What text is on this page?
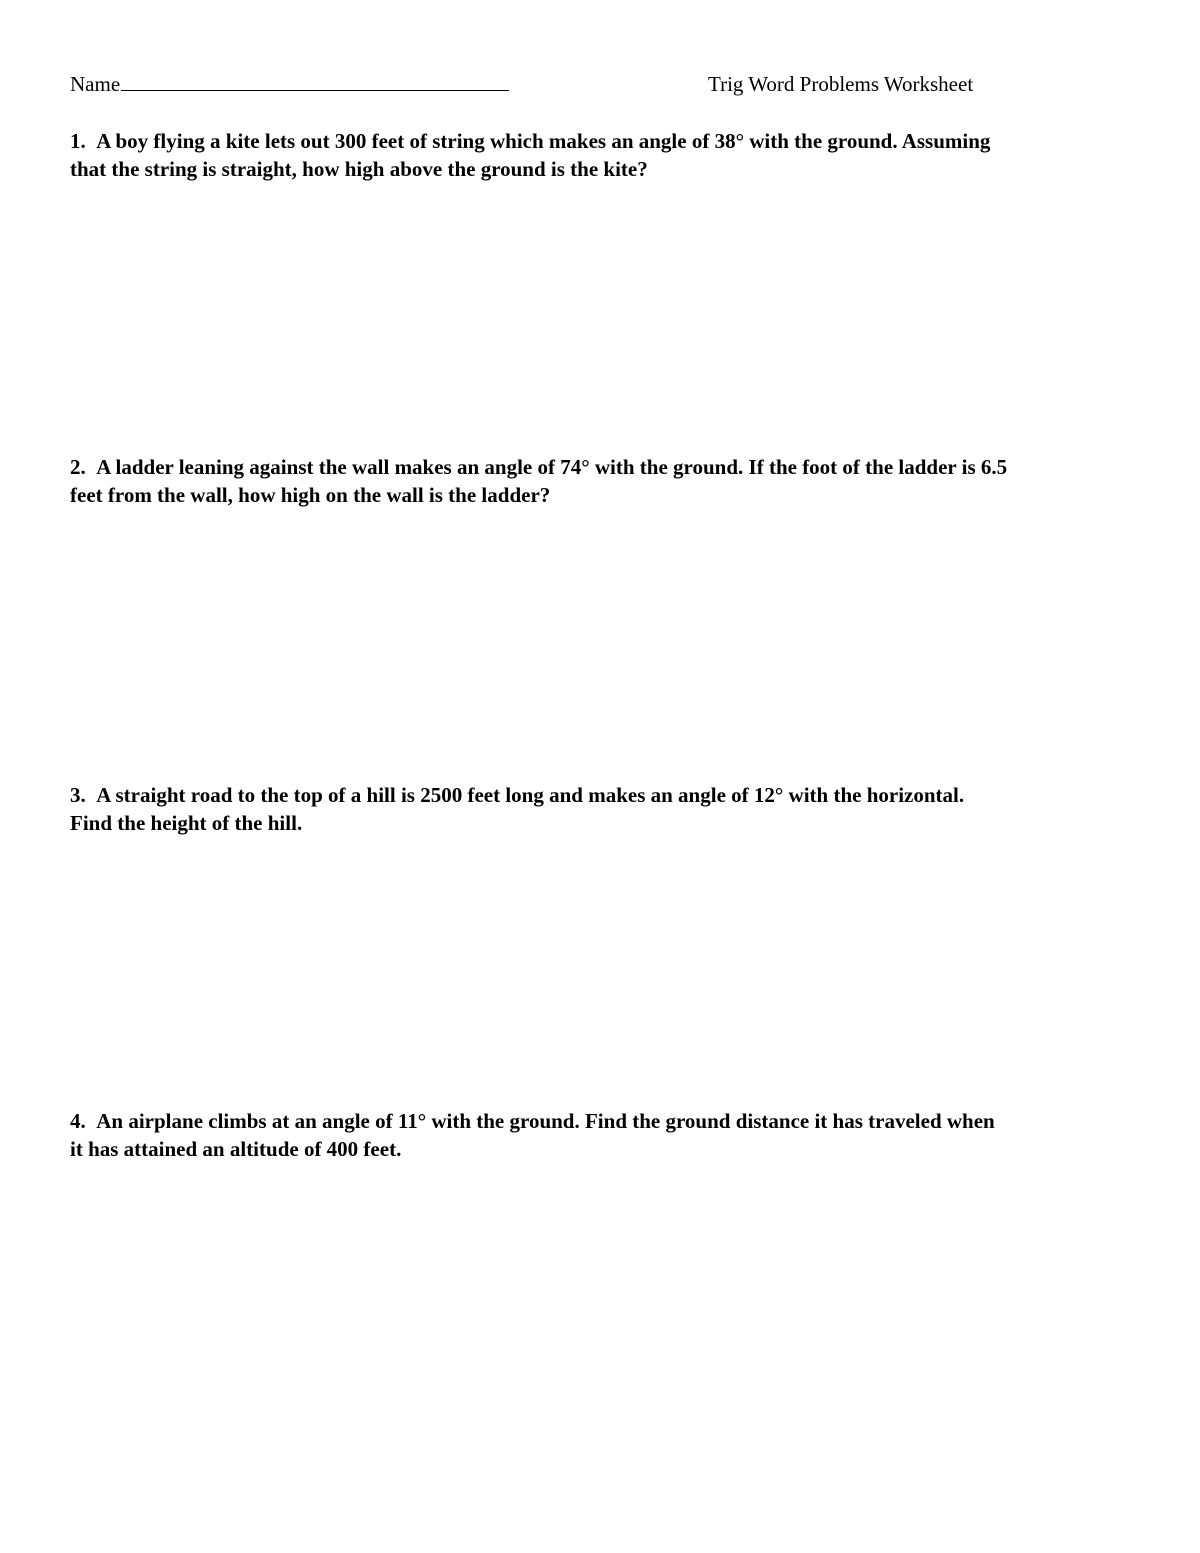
Name	Trig Word Problems Worksheet
1. A boy flying a kite lets out 300 feet of string which makes an angle of 38° with the ground. Assuming
that the string is straight, how high above the ground is the kite?
2. A ladder leaning against the wall makes an angle of 74° with the ground. If the foot of the ladder is 6.5
feet from the wall, how high on the wall is the ladder?
3. A straight road to the top of a hill is 2500 feet long and makes an angle of 12° with the horizontal.
Find the height of the hill.
4. An airplane climbs at an angle of 11° with the ground. Find the ground distance it has traveled when
it has attained an altitude of 400 feet.
